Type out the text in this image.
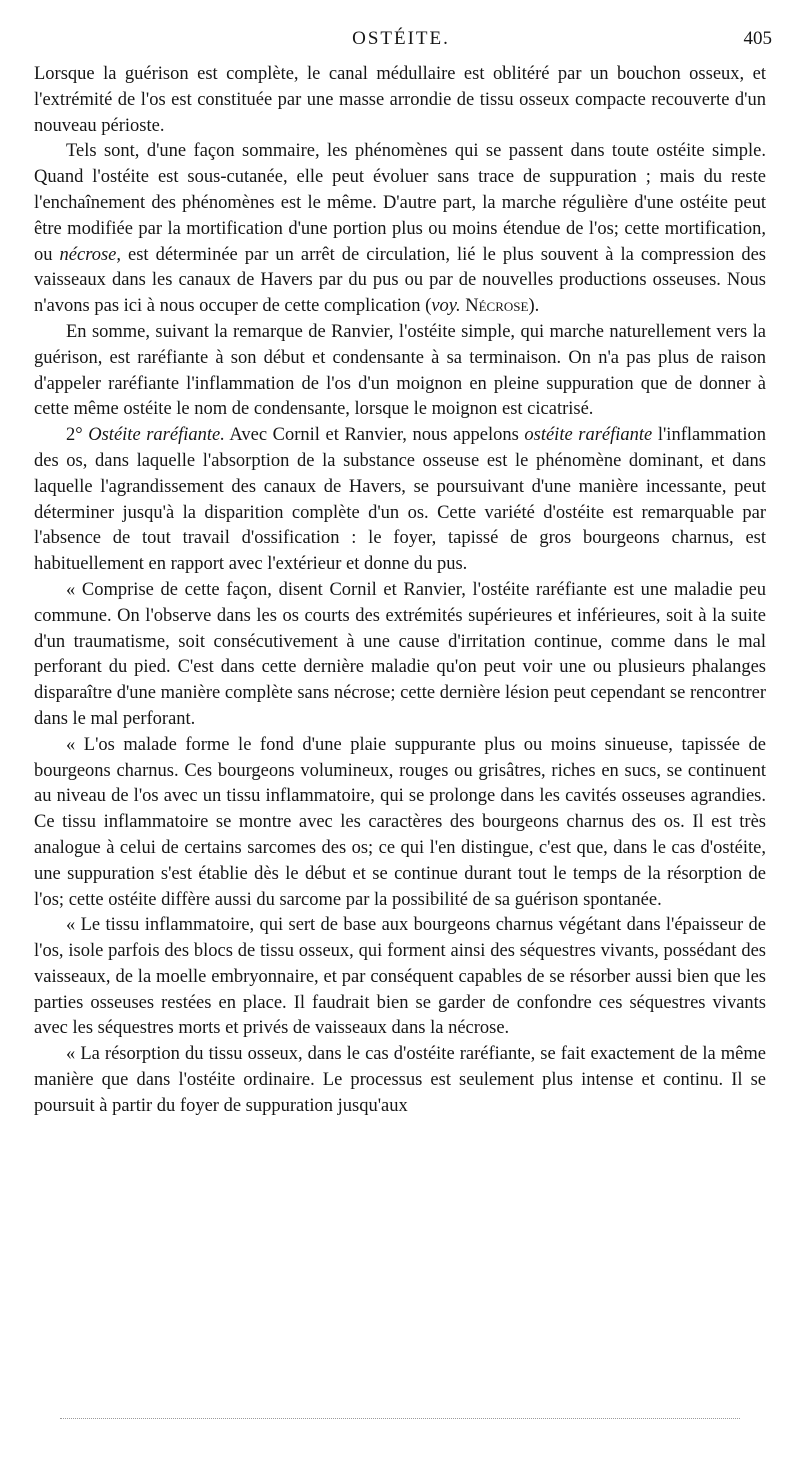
OSTÉITE.	405

Lorsque la guérison est complète, le canal médullaire est oblitéré par un bouchon osseux, et l'extrémité de l'os est constituée par une masse arrondie de tissu osseux compacte recouverte d'un nouveau périoste.

Tels sont, d'une façon sommaire, les phénomènes qui se passent dans toute ostéite simple. Quand l'ostéite est sous-cutanée, elle peut évoluer sans trace de suppuration ; mais du reste l'enchaînement des phénomènes est le même. D'autre part, la marche régulière d'une ostéite peut être modifiée par la mortification d'une portion plus ou moins étendue de l'os; cette mortification, ou nécrose, est déterminée par un arrêt de circulation, lié le plus souvent à la compression des vaisseaux dans les canaux de Havers par du pus ou par de nouvelles productions osseuses. Nous n'avons pas ici à nous occuper de cette complication (voy. Nécrose).

En somme, suivant la remarque de Ranvier, l'ostéite simple, qui marche naturellement vers la guérison, est raréfiante à son début et condensante à sa terminaison. On n'a pas plus de raison d'appeler raréfiante l'inflammation de l'os d'un moignon en pleine suppuration que de donner à cette même ostéite le nom de condensante, lorsque le moignon est cicatrisé.

2° Ostéite raréfiante. Avec Cornil et Ranvier, nous appelons ostéite raréfiante l'inflammation des os, dans laquelle l'absorption de la substance osseuse est le phénomène dominant, et dans laquelle l'agrandissement des canaux de Havers, se poursuivant d'une manière incessante, peut déterminer jusqu'à la disparition complète d'un os. Cette variété d'ostéite est remarquable par l'absence de tout travail d'ossification : le foyer, tapissé de gros bourgeons charnus, est habituellement en rapport avec l'extérieur et donne du pus.

« Comprise de cette façon, disent Cornil et Ranvier, l'ostéite raréfiante est une maladie peu commune. On l'observe dans les os courts des extrémités supérieures et inférieures, soit à la suite d'un traumatisme, soit consécutivement à une cause d'irritation continue, comme dans le mal perforant du pied. C'est dans cette dernière maladie qu'on peut voir une ou plusieurs phalanges disparaître d'une manière complète sans nécrose; cette dernière lésion peut cependant se rencontrer dans le mal perforant.

« L'os malade forme le fond d'une plaie suppurante plus ou moins sinueuse, tapissée de bourgeons charnus. Ces bourgeons volumineux, rouges ou grisâtres, riches en sucs, se continuent au niveau de l'os avec un tissu inflammatoire, qui se prolonge dans les cavités osseuses agrandies. Ce tissu inflammatoire se montre avec les caractères des bourgeons charnus des os. Il est très analogue à celui de certains sarcomes des os; ce qui l'en distingue, c'est que, dans le cas d'ostéite, une suppuration s'est établie dès le début et se continue durant tout le temps de la résorption de l'os; cette ostéite diffère aussi du sarcome par la possibilité de sa guérison spontanée.

« Le tissu inflammatoire, qui sert de base aux bourgeons charnus végétant dans l'épaisseur de l'os, isole parfois des blocs de tissu osseux, qui forment ainsi des séquestres vivants, possédant des vaisseaux, de la moelle embryonnaire, et par conséquent capables de se résorber aussi bien que les parties osseuses restées en place. Il faudrait bien se garder de confondre ces séquestres vivants avec les séquestres morts et privés de vaisseaux dans la nécrose.

« La résorption du tissu osseux, dans le cas d'ostéite raréfiante, se fait exactement de la même manière que dans l'ostéite ordinaire. Le processus est seulement plus intense et continu. Il se poursuit à partir du foyer de suppuration jusqu'aux
